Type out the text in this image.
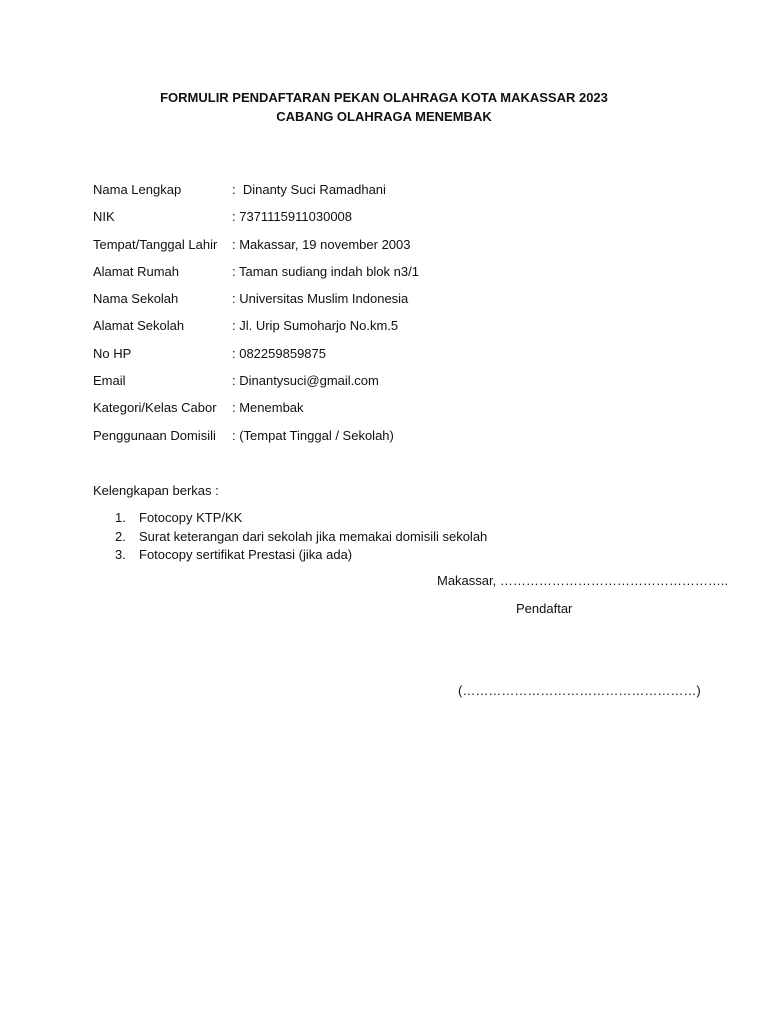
FORMULIR PENDAFTARAN PEKAN OLAHRAGA KOTA MAKASSAR 2023
CABANG OLAHRAGA MENEMBAK
Nama Lengkap	:  Dinanty Suci Ramadhani
NIK	: 7371115911030008
Tempat/Tanggal Lahir	: Makassar, 19 november 2003
Alamat Rumah	: Taman sudiang indah blok n3/1
Nama Sekolah	: Universitas Muslim Indonesia
Alamat Sekolah	: Jl. Urip Sumoharjo No.km.5
No HP	: 082259859875
Email	: Dinantysuci@gmail.com
Kategori/Kelas Cabor	: Menembak
Penggunaan Domisili	: (Tempat Tinggal / Sekolah)
Kelengkapan berkas :
1.	Fotocopy KTP/KK
2.	Surat keterangan dari sekolah jika memakai domisili sekolah
3.	Fotocopy sertifikat Prestasi (jika ada)
Makassar, ……………………………………………..
Pendaftar
(………………………………………………)
